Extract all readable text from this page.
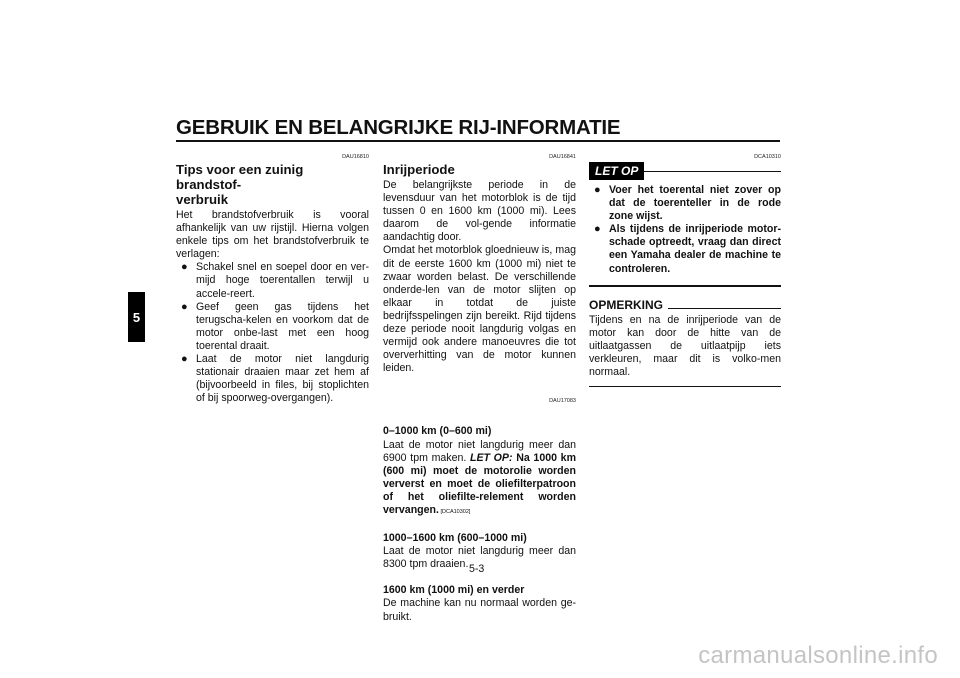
GEBRUIK EN BELANGRIJKE RIJ-INFORMATIE
5
DAU16810
Tips voor een zuinig brandstof-
verbruik

Het brandstofverbruik is vooral afhankelijk van uw rijstijl. Hierna volgen enkele tips om het brandstofverbruik te verlagen:

● Schakel snel en soepel door en ver-mijd hoge toerentallen terwijl u accele-reert.
● Geef geen gas tijdens het terugscha-kelen en voorkom dat de motor onbe-last met een hoog toerental draait.
● Laat de motor niet langdurig stationair draaien maar zet hem af (bijvoorbeeld in files, bij stoplichten of bij spoorweg-overgangen).
DAU16841
Inrijperiode

De belangrijkste periode in de levensduur van het motorblok is de tijd tussen 0 en 1600 km (1000 mi). Lees daarom de vol-gende informatie aandachtig door.

Omdat het motorblok gloednieuw is, mag dit de eerste 1600 km (1000 mi) niet te zwaar worden belast. De verschillende onderde-len van de motor slijten op elkaar in totdat de juiste bedrijfsspelingen zijn bereikt. Rijd tijdens deze periode nooit langdurig volgas en vermijd ook andere manoeuvres die tot oververhitting van de motor kunnen leiden.

DAU17083

0–1000 km (0–600 mi)

Laat de motor niet langdurig meer dan 6900 tpm maken. LET OP: Na 1000 km (600 mi) moet de motorolie worden ververst en moet de oliefilterpatroon of het oliefilte-relement worden vervangen. [DCA10302]

1000–1600 km (600–1000 mi)

Laat de motor niet langdurig meer dan 8300 tpm draaien.

1600 km (1000 mi) en verder

De machine kan nu normaal worden ge-bruikt.

DCA10310
LET OP
● Voer het toerental niet zover op dat de toerenteller in de rode zone wijst.
● Als tijdens de inrijperiode motor-schade optreedt, vraag dan direct een Yamaha dealer de machine te controleren.
OPMERKING

Tijdens en na de inrijperiode van de motor kan door de hitte van de uitlaatgassen de uitlaatpijp iets verkleuren, maar dit is volko-men normaal.

5-3
carmanualsonline.info
